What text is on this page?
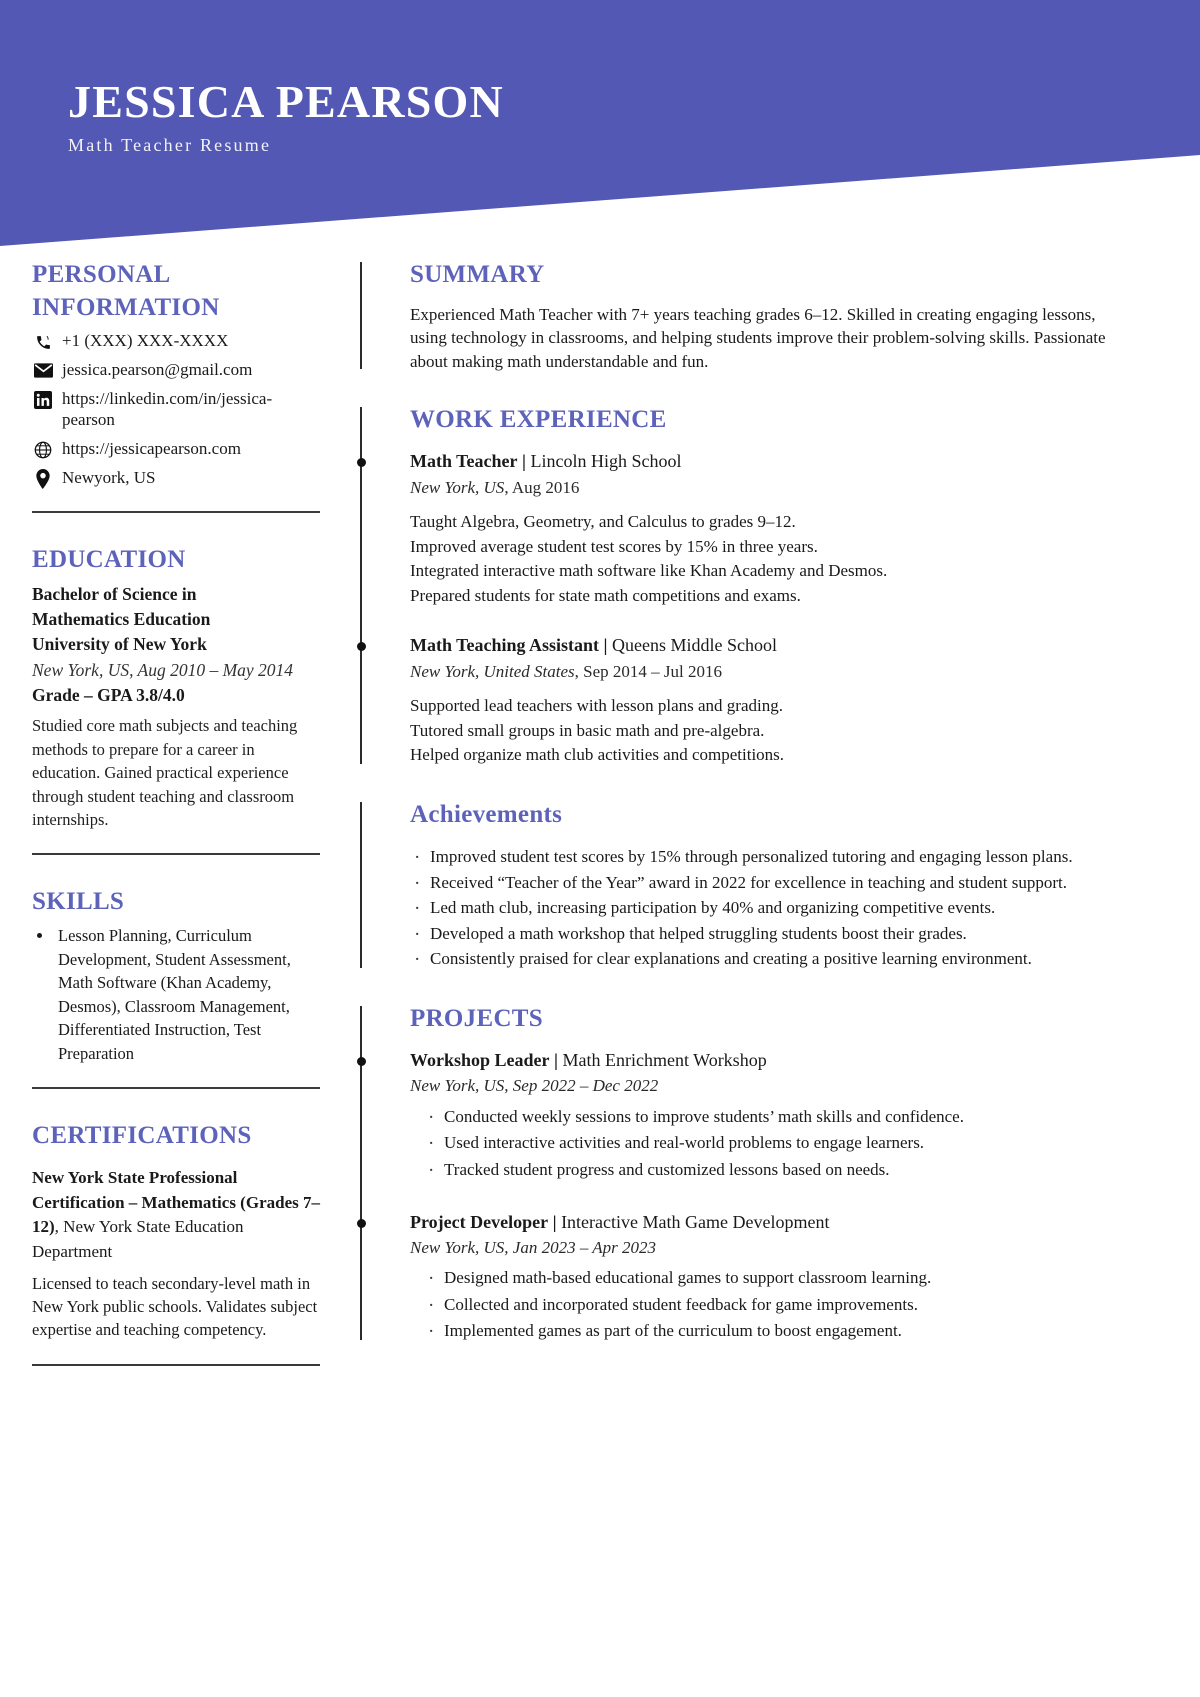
JESSICA PEARSON
Math Teacher Resume
PERSONAL INFORMATION
+1 (XXX) XXX-XXXX
jessica.pearson@gmail.com
https://linkedin.com/in/jessica-pearson
https://jessicapearson.com
Newyork, US
EDUCATION
Bachelor of Science in
Mathematics Education
University of New York
New York, US, Aug 2010 – May 2014
Grade – GPA 3.8/4.0
Studied core math subjects and teaching methods to prepare for a career in education. Gained practical experience through student teaching and classroom internships.
SKILLS
• Lesson Planning, Curriculum Development, Student Assessment, Math Software (Khan Academy, Desmos), Classroom Management, Differentiated Instruction, Test Preparation
CERTIFICATIONS
New York State Professional Certification – Mathematics (Grades 7–12), New York State Education Department
Licensed to teach secondary-level math in New York public schools. Validates subject expertise and teaching competency.
SUMMARY
Experienced Math Teacher with 7+ years teaching grades 6–12. Skilled in creating engaging lessons, using technology in classrooms, and helping students improve their problem-solving skills. Passionate about making math understandable and fun.
WORK EXPERIENCE
Math Teacher | Lincoln High School
New York, US, Aug 2016
Taught Algebra, Geometry, and Calculus to grades 9–12.
Improved average student test scores by 15% in three years.
Integrated interactive math software like Khan Academy and Desmos.
Prepared students for state math competitions and exams.
Math Teaching Assistant | Queens Middle School
New York, United States, Sep 2014 – Jul 2016
Supported lead teachers with lesson plans and grading.
Tutored small groups in basic math and pre-algebra.
Helped organize math club activities and competitions.
Achievements
· Improved student test scores by 15% through personalized tutoring and engaging lesson plans.
· Received “Teacher of the Year” award in 2022 for excellence in teaching and student support.
· Led math club, increasing participation by 40% and organizing competitive events.
· Developed a math workshop that helped struggling students boost their grades.
· Consistently praised for clear explanations and creating a positive learning environment.
PROJECTS
Workshop Leader | Math Enrichment Workshop
New York, US, Sep 2022 – Dec 2022
· Conducted weekly sessions to improve students’ math skills and confidence.
· Used interactive activities and real-world problems to engage learners.
· Tracked student progress and customized lessons based on needs.
Project Developer | Interactive Math Game Development
New York, US, Jan 2023 – Apr 2023
· Designed math-based educational games to support classroom learning.
· Collected and incorporated student feedback for game improvements.
· Implemented games as part of the curriculum to boost engagement.
